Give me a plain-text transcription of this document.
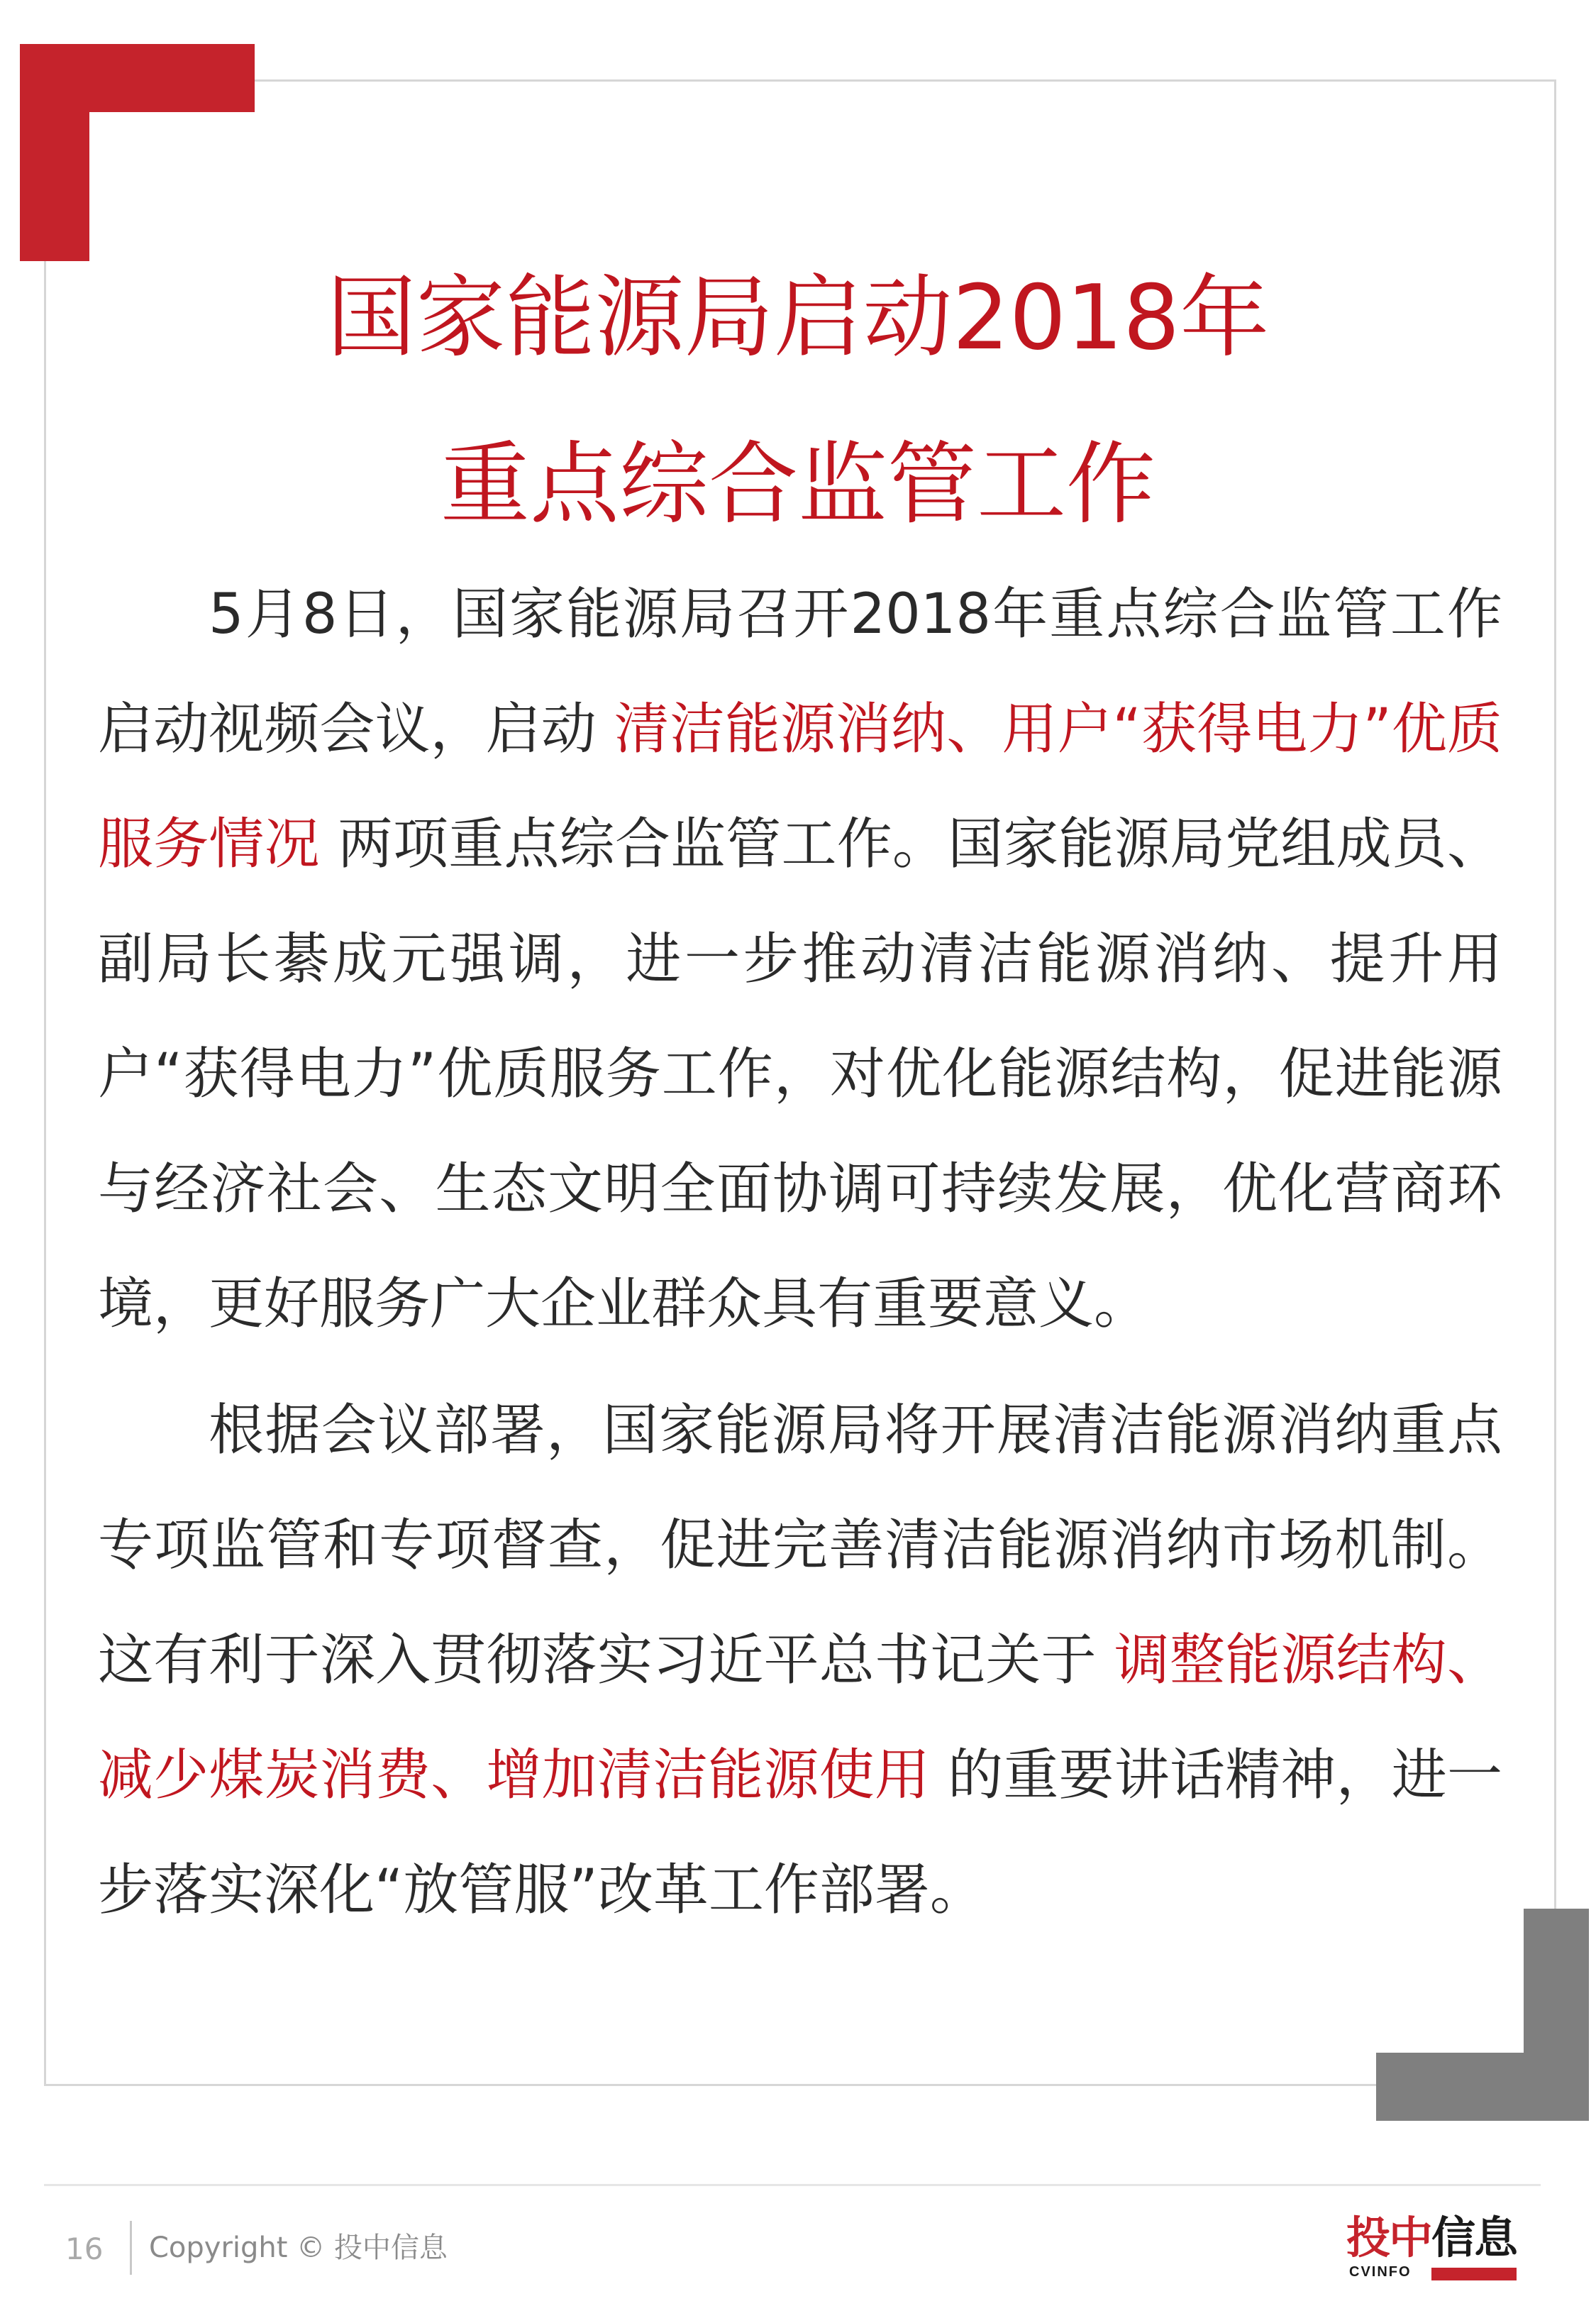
国家能源局启动2018年
重点综合监管工作

5月8日，国家能源局召开2018年重点综合监管工作启动视频会议，启动 清洁能源消纳、用户“获得电力”优质服务情况 两项重点综合监管工作。国家能源局党组成员、副局长綦成元强调，进一步推动清洁能源消纳、提升用户“获得电力”优质服务工作，对优化能源结构，促进能源与经济社会、生态文明全面协调可持续发展，优化营商环境，更好服务广大企业群众具有重要意义。

根据会议部署，国家能源局将开展清洁能源消纳重点专项监管和专项督查，促进完善清洁能源消纳市场机制。这有利于深入贯彻落实习近平总书记关于 调整能源结构、减少煤炭消费、增加清洁能源使用 的重要讲话精神，进一步落实深化“放管服”改革工作部署。

16 Copyright © 投中信息	投中信息
CVINFO
